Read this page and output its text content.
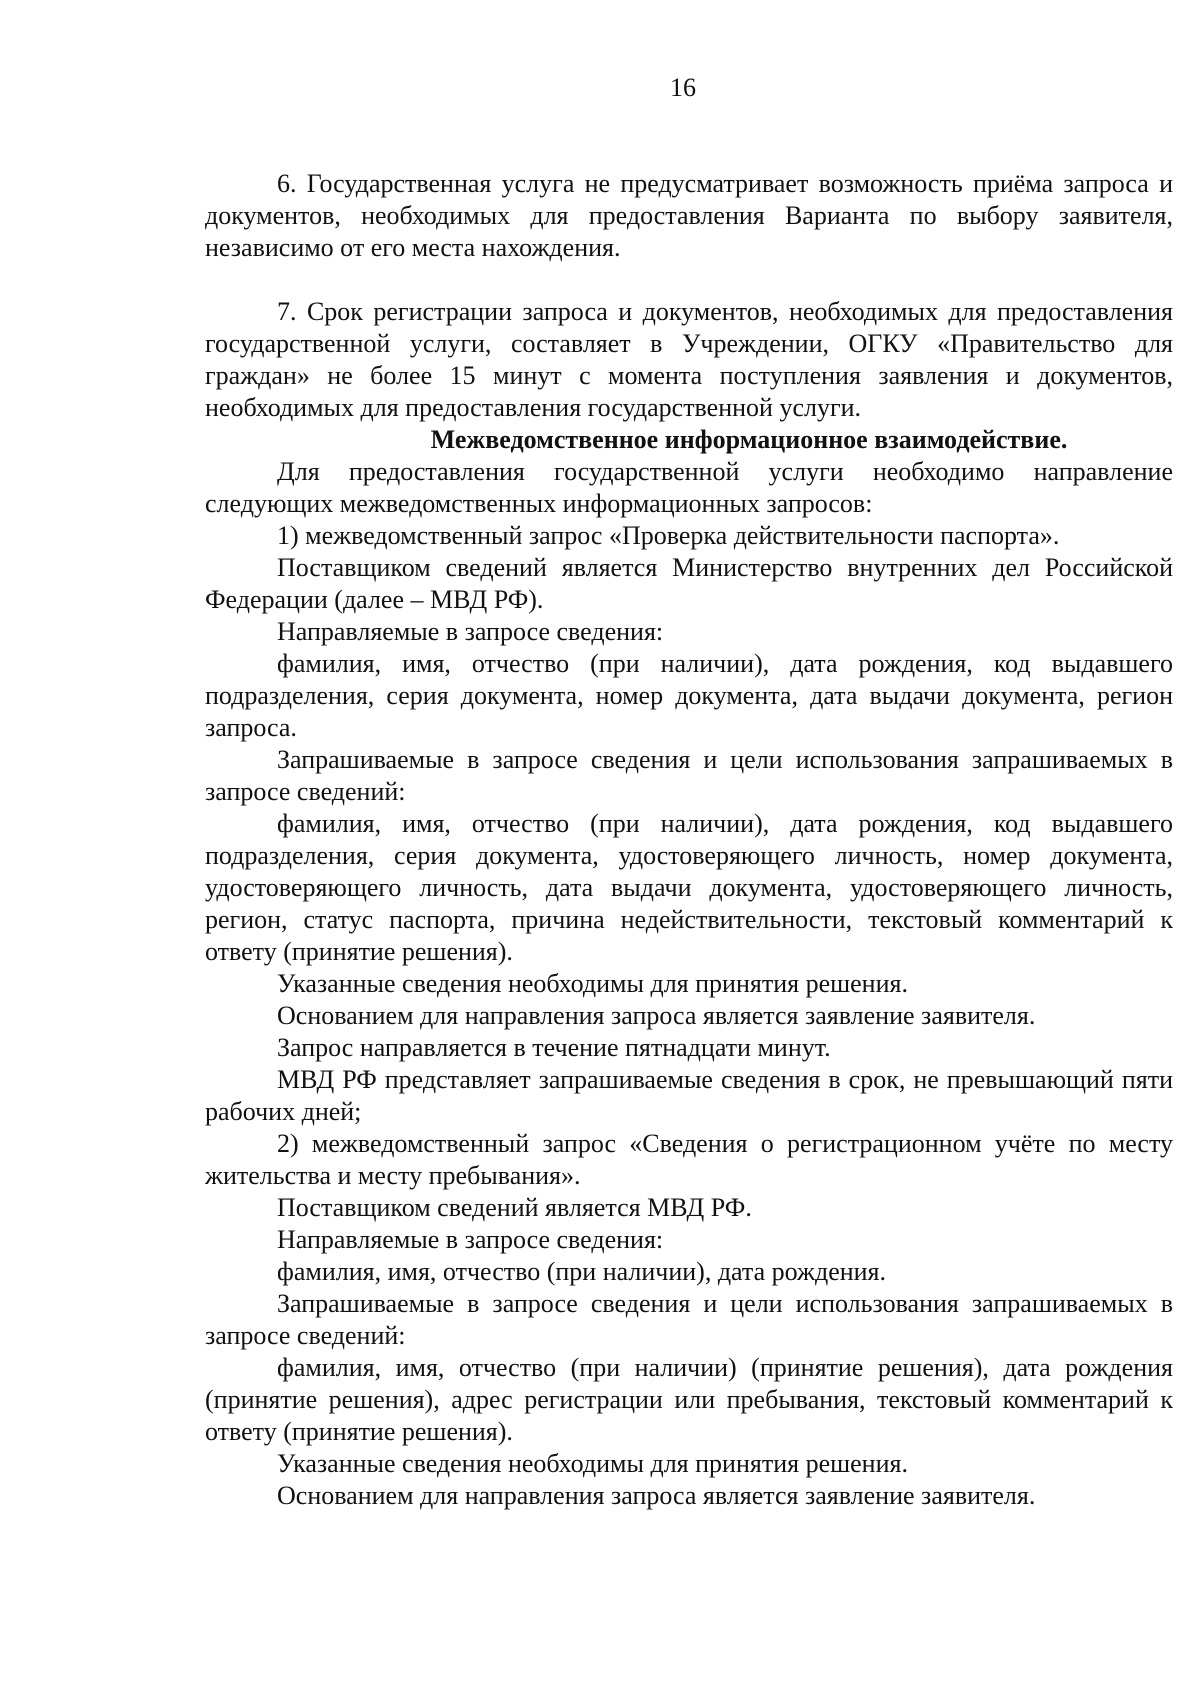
16

6. Государственная услуга не предусматривает возможность приёма запроса и документов, необходимых для предоставления Варианта по выбору заявителя, независимо от его места нахождения.

7. Срок регистрации запроса и документов, необходимых для предоставления государственной услуги, составляет в Учреждении, ОГКУ «Правительство для граждан» не более 15 минут с момента поступления заявления и документов, необходимых для предоставления государственной услуги.

Межведомственное информационное взаимодействие.

Для предоставления государственной услуги необходимо направление следующих межведомственных информационных запросов:

1) межведомственный запрос «Проверка действительности паспорта».

Поставщиком сведений является Министерство внутренних дел Российской Федерации (далее – МВД РФ).

Направляемые в запросе сведения:

фамилия, имя, отчество (при наличии), дата рождения, код выдавшего подразделения, серия документа, номер документа, дата выдачи документа, регион запроса.

Запрашиваемые в запросе сведения и цели использования запрашиваемых в запросе сведений:

фамилия, имя, отчество (при наличии), дата рождения, код выдавшего подразделения, серия документа, удостоверяющего личность, номер документа, удостоверяющего личность, дата выдачи документа, удостоверяющего личность, регион, статус паспорта, причина недействительности, текстовый комментарий к ответу (принятие решения).

Указанные сведения необходимы для принятия решения.

Основанием для направления запроса является заявление заявителя.

Запрос направляется в течение пятнадцати минут.

МВД РФ представляет запрашиваемые сведения в срок, не превышающий пяти рабочих дней;

2) межведомственный запрос «Сведения о регистрационном учёте по месту жительства и месту пребывания».

Поставщиком сведений является МВД РФ.

Направляемые в запросе сведения:

фамилия, имя, отчество (при наличии), дата рождения.

Запрашиваемые в запросе сведения и цели использования запрашиваемых в запросе сведений:

фамилия, имя, отчество (при наличии) (принятие решения), дата рождения (принятие решения), адрес регистрации или пребывания, текстовый комментарий к ответу (принятие решения).

Указанные сведения необходимы для принятия решения.

Основанием для направления запроса является заявление заявителя.
